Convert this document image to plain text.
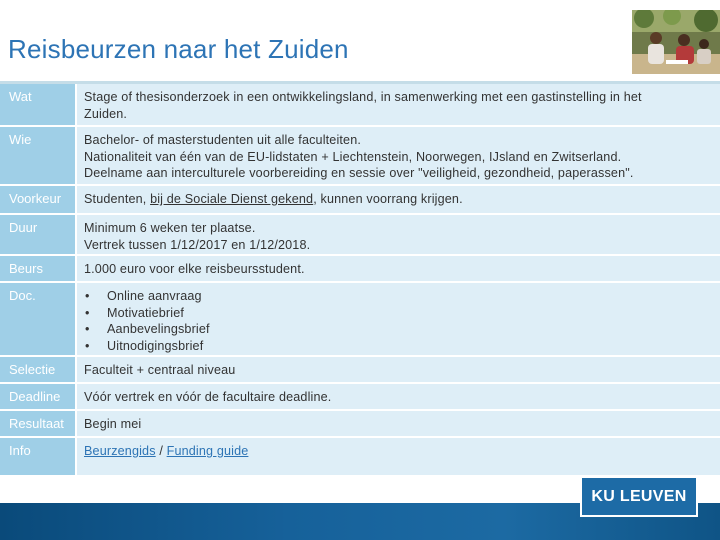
Reisbeurzen naar het Zuiden
Wat	Stage of thesisonderzoek in een ontwikkelingsland, in samenwerking met een gastinstelling in het
Zuiden.
Wie	Bachelor- of masterstudenten uit alle faculteiten.
Nationaliteit van één van de EU-lidstaten + Liechtenstein, Noorwegen, IJsland en Zwitserland.
Deelname aan interculturele voorbereiding en sessie over "veiligheid, gezondheid, paperassen".
Voorkeur	Studenten, bij de Sociale Dienst gekend, kunnen voorrang krijgen.
Duur	Minimum 6 weken ter plaatse.
Vertrek tussen 1/12/2017 en 1/12/2018.
Beurs	1.000 euro voor elke reisbeursstudent.
Doc.	•	Online aanvraag
•	Motivatiebrief
•	Aanbevelingsbrief
•	Uitnodigingsbrief
Selectie	Faculteit + centraal niveau
Deadline	Vóór vertrek en vóór de facultaire deadline.
Resultaat	Begin mei
Info	Beurzengids / Funding guide
KU LEUVEN
